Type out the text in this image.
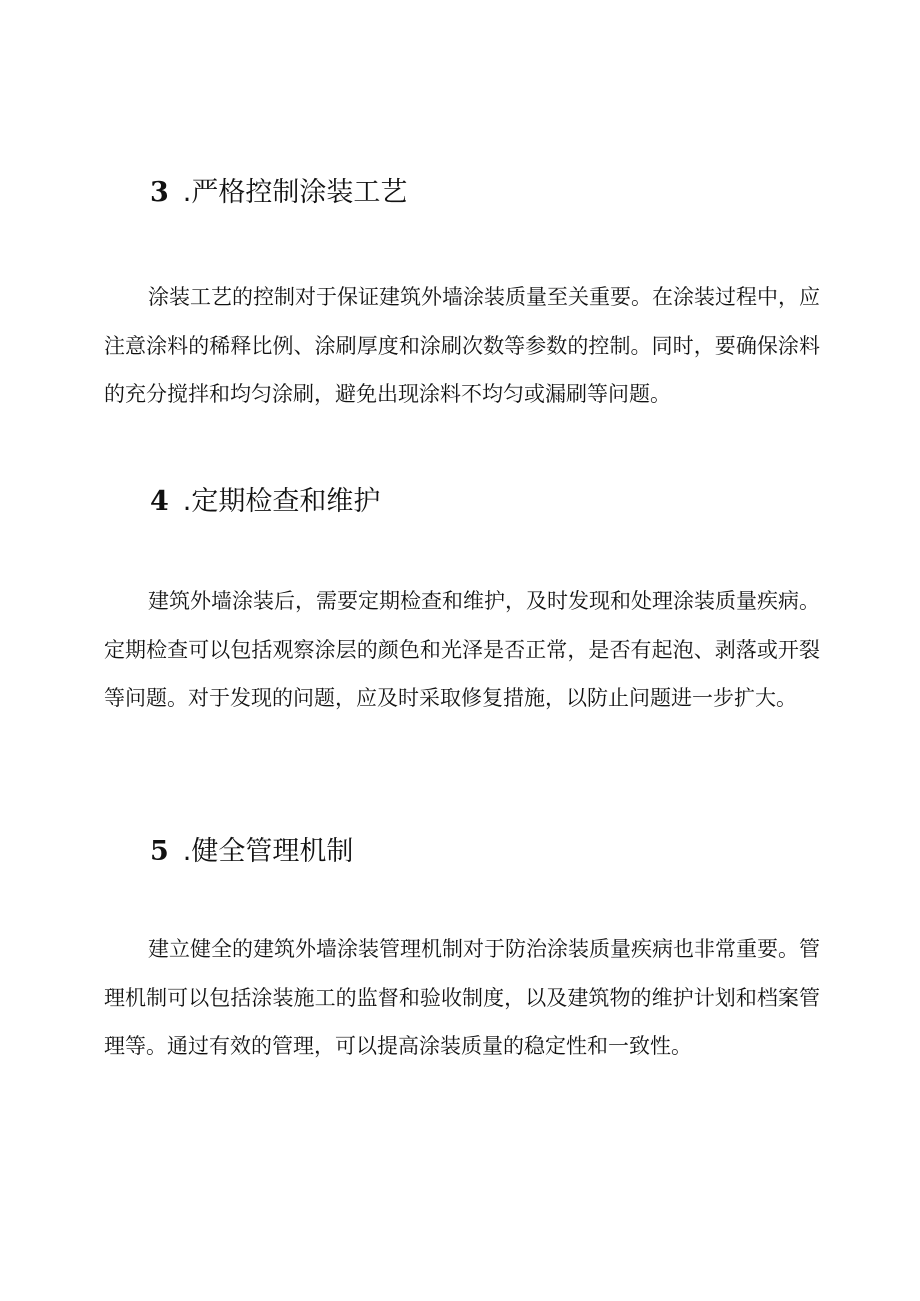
3 .严格控制涂装工艺

涂装工艺的控制对于保证建筑外墙涂装质量至关重要。在涂装过程中，应注意涂料的稀释比例、涂刷厚度和涂刷次数等参数的控制。同时，要确保涂料的充分搅拌和均匀涂刷，避免出现涂料不均匀或漏刷等问题。

4 .定期检查和维护

建筑外墙涂装后，需要定期检查和维护，及时发现和处理涂装质量疾病。定期检查可以包括观察涂层的颜色和光泽是否正常，是否有起泡、剥落或开裂等问题。对于发现的问题，应及时采取修复措施，以防止问题进一步扩大。

5 .健全管理机制

建立健全的建筑外墙涂装管理机制对于防治涂装质量疾病也非常重要。管理机制可以包括涂装施工的监督和验收制度，以及建筑物的维护计划和档案管理等。通过有效的管理，可以提高涂装质量的稳定性和一致性。
